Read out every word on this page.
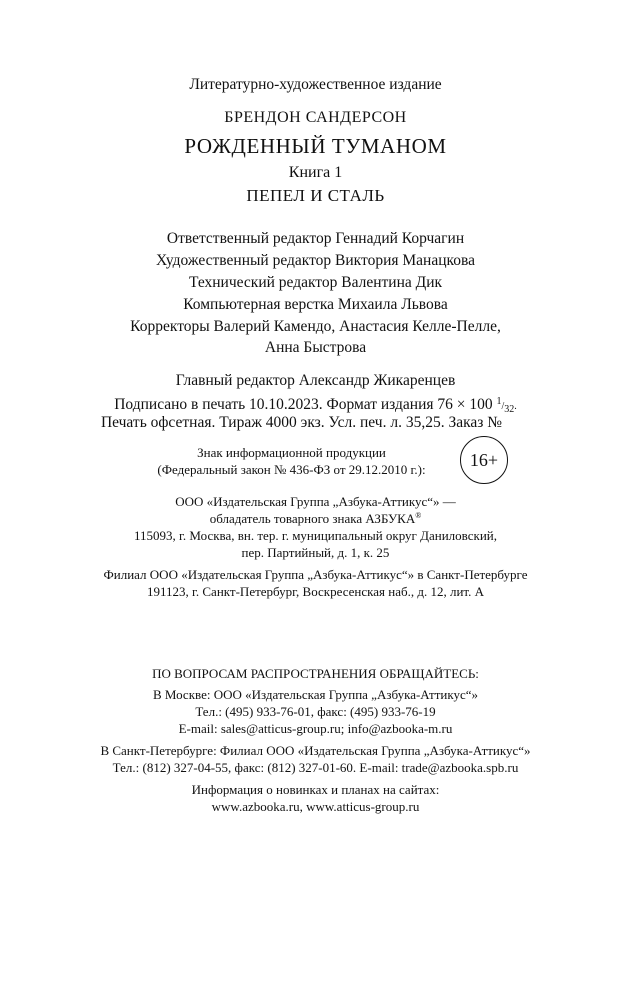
Литературно-художественное издание
БРЕНДОН САНДЕРСОН
РОЖДЕННЫЙ ТУМАНОМ
Книга 1
ПЕПЕЛ И СТАЛЬ
Ответственный редактор Геннадий Корчагин
Художественный редактор Виктория Манацкова
Технический редактор Валентина Дик
Компьютерная верстка Михаила Львова
Корректоры Валерий Камендо, Анастасия Келле-Пелле,
Анна Быстрова
Главный редактор Александр Жикаренцев
Подписано в печать 10.10.2023. Формат издания 76 × 100 $^1/_{32}$.
Печать офсетная. Тираж 4000 экз. Усл. печ. л. 35,25. Заказ №
Знак информационной продукции
(Федеральный закон № 436-ФЗ от 29.12.2010 г.):	16+
ООО «Издательская Группа „Азбука-Аттикус“» —
обладатель товарного знака АЗБУКА®
115093, г. Москва, вн. тер. г. муниципальный округ Даниловский,
пер. Партийный, д. 1, к. 25
Филиал ООО «Издательская Группа „Азбука-Аттикус“» в Санкт-Петербурге
191123, г. Санкт-Петербург, Воскресенская наб., д. 12, лит. А
ПО ВОПРОСАМ РАСПРОСТРАНЕНИЯ ОБРАЩАЙТЕСЬ:
В Москве: ООО «Издательская Группа „Азбука-Аттикус“»
Тел.: (495) 933-76-01, факс: (495) 933-76-19
E-mail: sales@atticus-group.ru; info@azbooka-m.ru
В Санкт-Петербурге: Филиал ООО «Издательская Группа „Азбука-Аттикус“»
Тел.: (812) 327-04-55, факс: (812) 327-01-60. E-mail: trade@azbooka.spb.ru
Информация о новинках и планах на сайтах:
www.azbooka.ru, www.atticus-group.ru
